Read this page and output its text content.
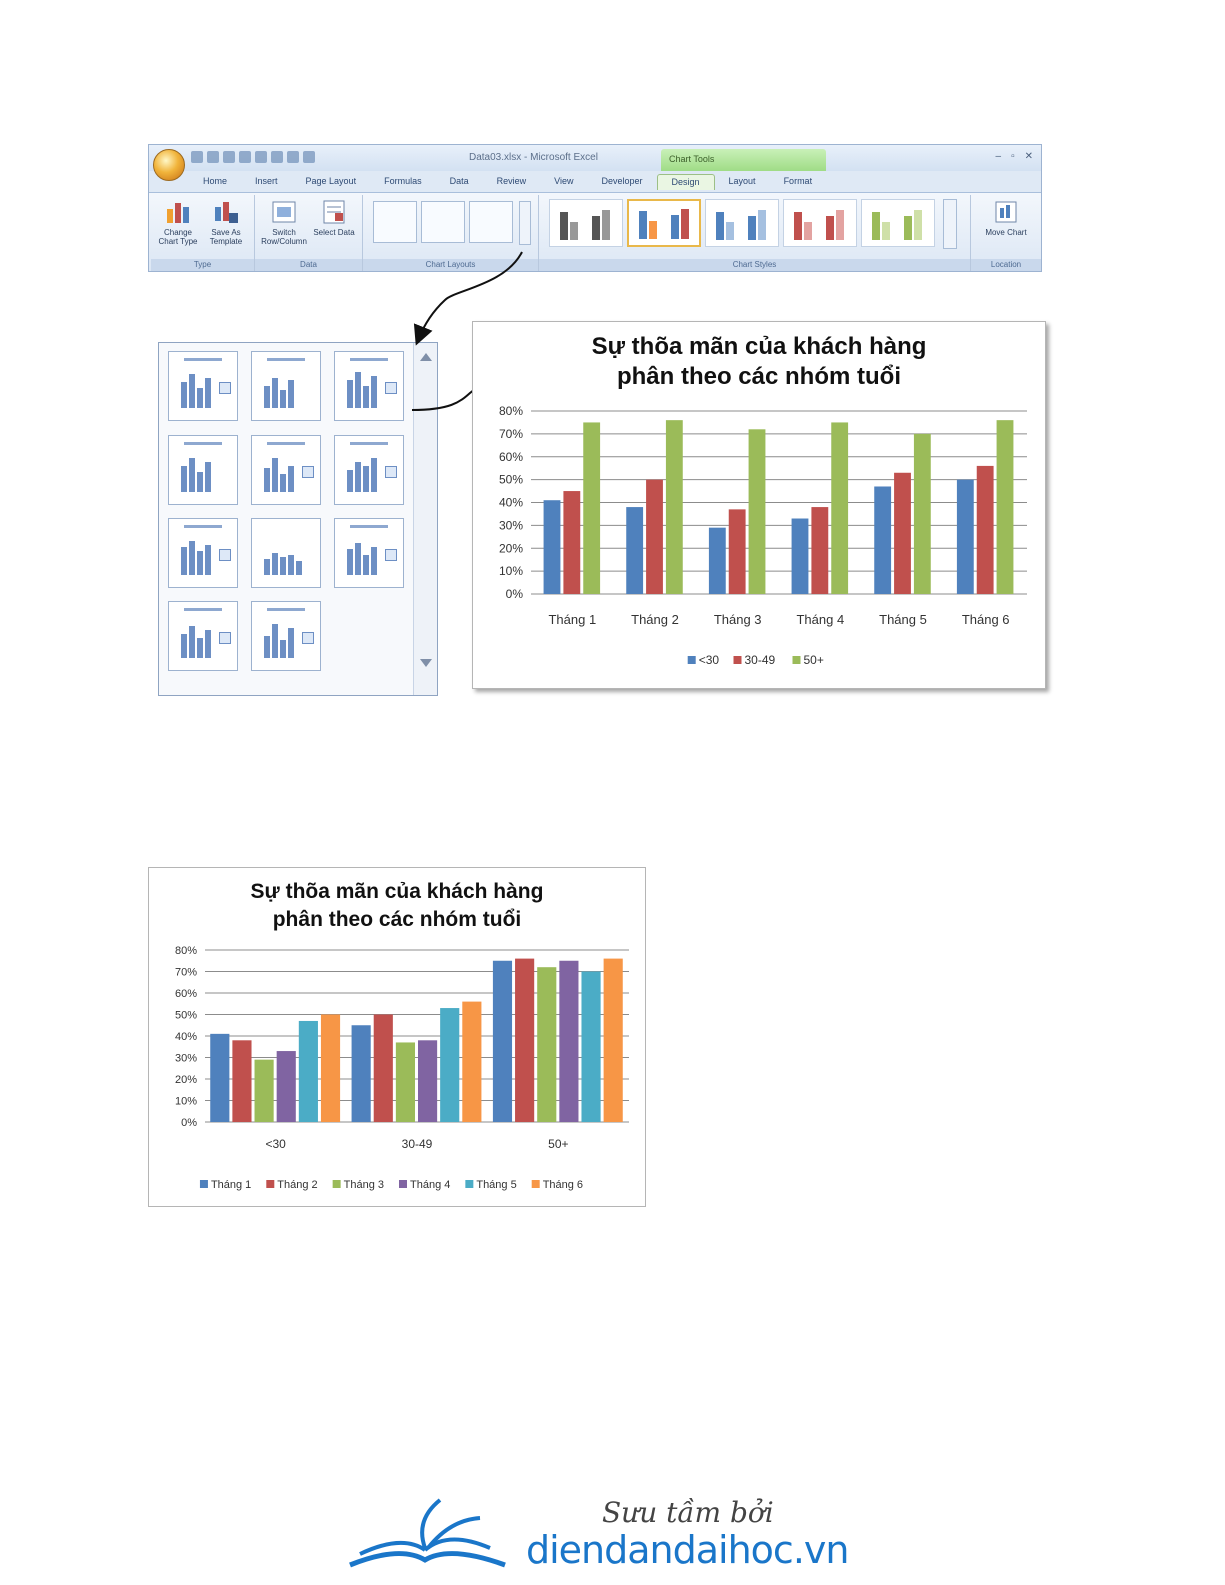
Data03.xlsx - Microsoft Excel	Chart Tools	– ▫ ✕
Home	Insert	Page Layout	Formulas	Data	Review	View	Developer	Design	Layout	Format
Change Chart Type
Save As Template
Type
Switch Row/Column
Select Data
Data	Chart Layouts	Chart Styles
Move Chart
Location
Sự thõa mãn của khách hàng
phân theo các nhóm tuổi
0%
10%
20%
30%
40%
50%
60%
70%
80%
Tháng 1	Tháng 2	Tháng 3	Tháng 4	Tháng 5	Tháng 6
<30 30-49 50+
Sự thõa mãn của khách hàng
phân theo các nhóm tuổi
0%
10%
20%
30%
40%
50%
60%
70%
80%
<30	30-49	50+
Tháng 1 Tháng 2 Tháng 3 Tháng 4 Tháng 5 Tháng 6
Sưu tầm bởi
diendandaihoc.vn
